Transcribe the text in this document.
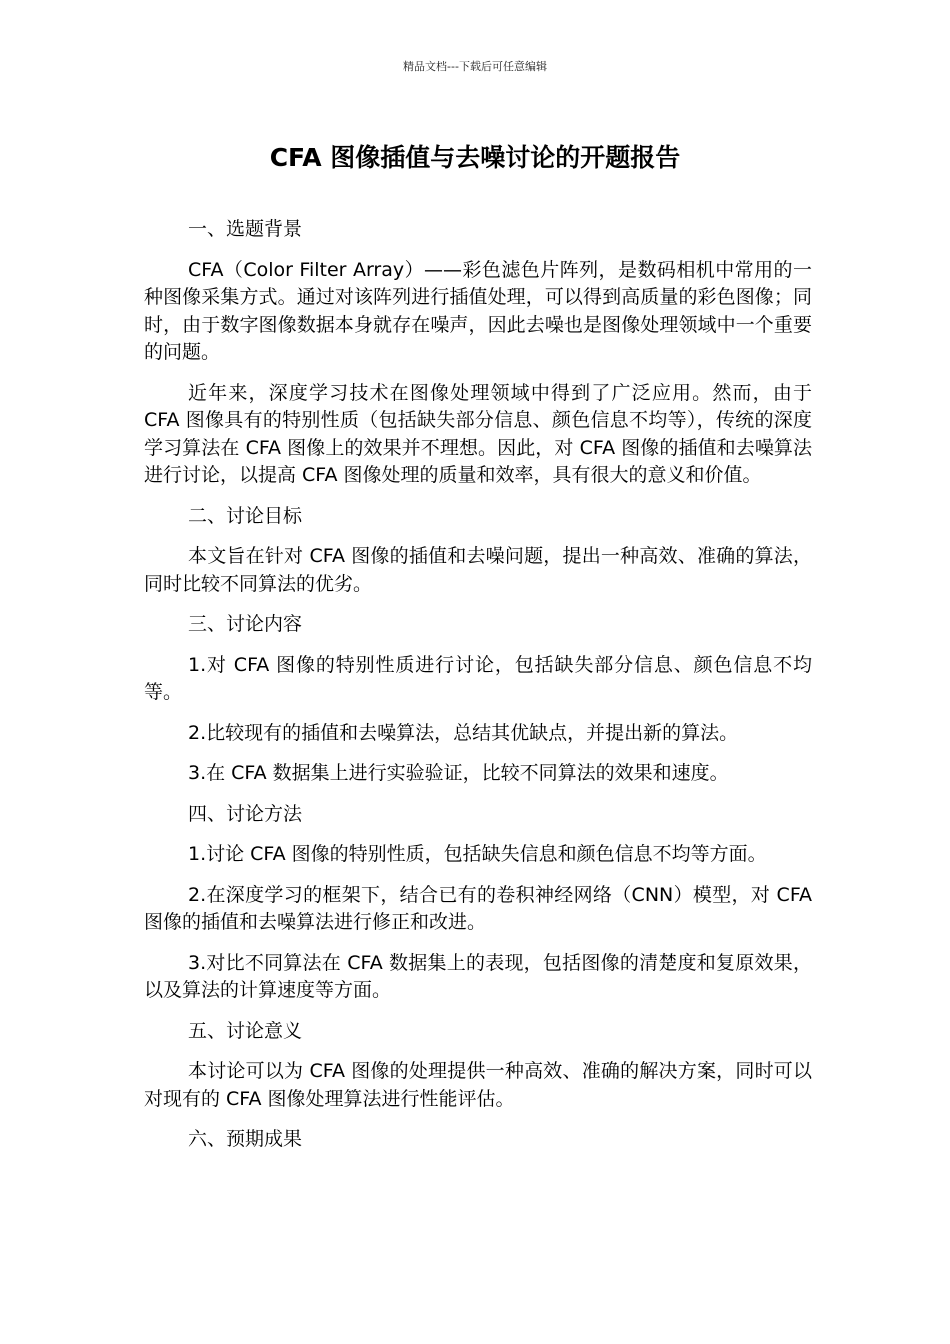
精品文档---下载后可任意编辑
CFA 图像插值与去噪讨论的开题报告

一、选题背景

CFA（Color Filter Array）——彩色滤色片阵列，是数码相机中常用的一种图像采集方式。通过对该阵列进行插值处理，可以得到高质量的彩色图像；同时，由于数字图像数据本身就存在噪声，因此去噪也是图像处理领域中一个重要的问题。

近年来，深度学习技术在图像处理领域中得到了广泛应用。然而，由于 CFA 图像具有的特别性质（包括缺失部分信息、颜色信息不均等），传统的深度学习算法在 CFA 图像上的效果并不理想。因此，对 CFA 图像的插值和去噪算法进行讨论，以提高 CFA 图像处理的质量和效率，具有很大的意义和价值。

二、讨论目标

本文旨在针对 CFA 图像的插值和去噪问题，提出一种高效、准确的算法，同时比较不同算法的优劣。

三、讨论内容

1.对 CFA 图像的特别性质进行讨论，包括缺失部分信息、颜色信息不均等。

2.比较现有的插值和去噪算法，总结其优缺点，并提出新的算法。

3.在 CFA 数据集上进行实验验证，比较不同算法的效果和速度。

四、讨论方法

1.讨论 CFA 图像的特别性质，包括缺失信息和颜色信息不均等方面。

2.在深度学习的框架下，结合已有的卷积神经网络（CNN）模型，对 CFA 图像的插值和去噪算法进行修正和改进。

3.对比不同算法在 CFA 数据集上的表现，包括图像的清楚度和复原效果，以及算法的计算速度等方面。

五、讨论意义

本讨论可以为 CFA 图像的处理提供一种高效、准确的解决方案，同时可以对现有的 CFA 图像处理算法进行性能评估。

六、预期成果
